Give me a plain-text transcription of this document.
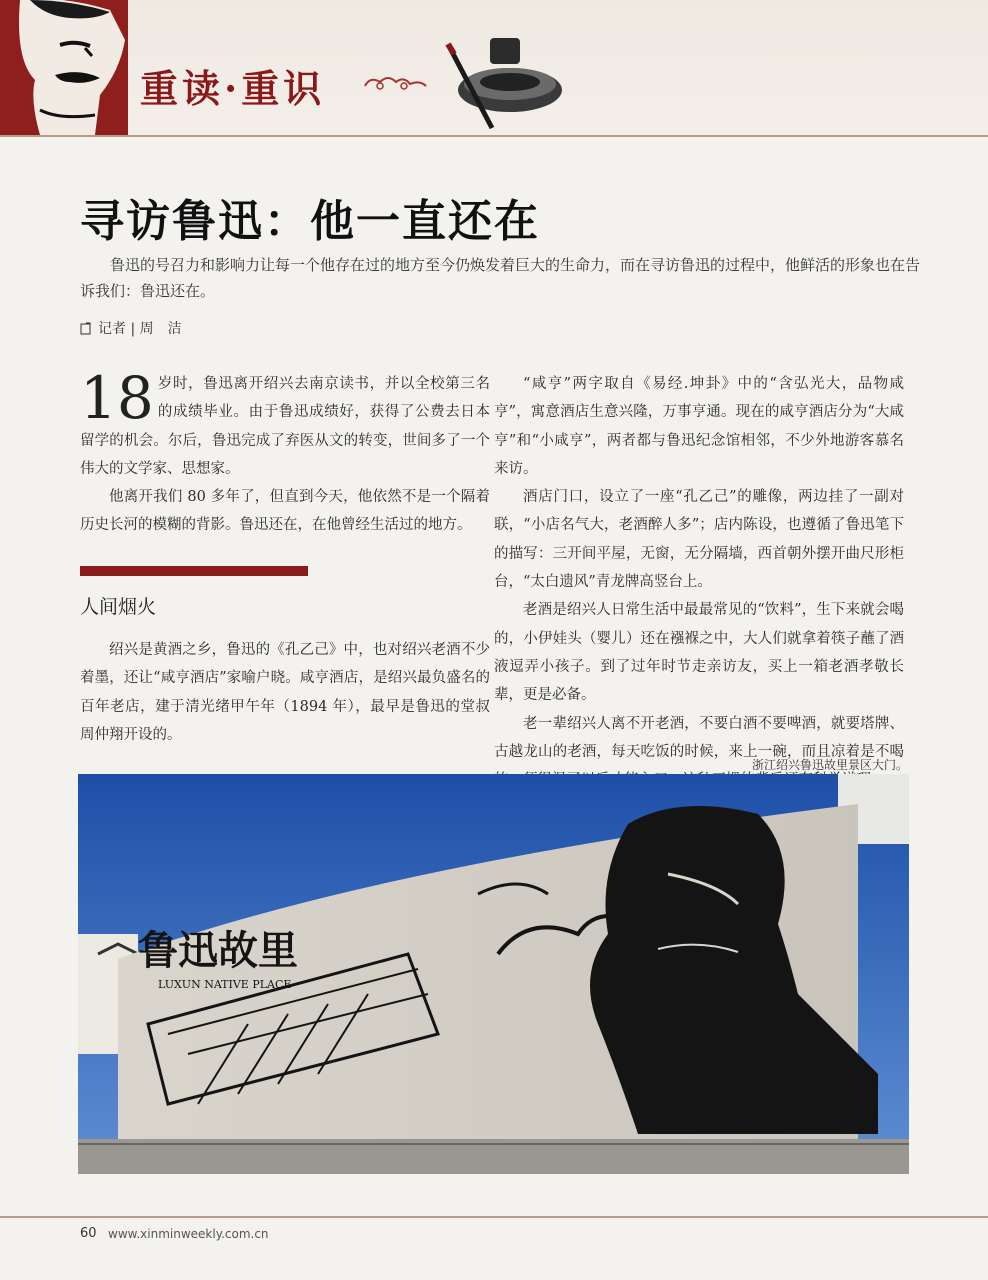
重读·重识
寻访鲁迅：他一直还在
鲁迅的号召力和影响力让每一个他存在过的地方至今仍焕发着巨大的生命力，而在寻访鲁迅的过程中，他鲜活的形象也在告诉我们：鲁迅还在。
记者 | 周　洁

18 岁时，鲁迅离开绍兴去南京读书，并以全校第三名的成绩毕业。由于鲁迅成绩好，获得了公费去日本留学的机会。尔后，鲁迅完成了弃医从文的转变，世间多了一个伟大的文学家、思想家。

他离开我们 80 多年了，但直到今天，他依然不是一个隔着历史长河的模糊的背影。鲁迅还在，在他曾经生活过的地方。

人间烟火

绍兴是黄酒之乡，鲁迅的《孔乙己》中，也对绍兴老酒不少着墨，还让“咸亨酒店”家喻户晓。咸亨酒店，是绍兴最负盛名的百年老店，建于清光绪甲午年（1894 年），最早是鲁迅的堂叔周仲翔开设的。

“咸亨”两字取自《易经.坤卦》中的“含弘光大，品物咸亨”，寓意酒店生意兴隆，万事亨通。现在的咸亨酒店分为“大咸亨”和“小咸亨”，两者都与鲁迅纪念馆相邻，不少外地游客慕名来访。

酒店门口，设立了一座“孔乙己”的雕像，两边挂了一副对联，“小店名气大，老酒醉人多”；店内陈设，也遵循了鲁迅笔下的描写：三开间平屋，无窗，无分隔墙，西首朝外摆开曲尺形柜台，“太白遗风”青龙牌高竖台上。

老酒是绍兴人日常生活中最最常见的“饮料”，生下来就会喝的，小伊娃头（婴儿）还在襁褓之中，大人们就拿着筷子蘸了酒液逗弄小孩子。到了过年时节走亲访友，买上一箱老酒孝敬长辈，更是必备。

老一辈绍兴人离不开老酒，不要白酒不要啤酒，就要塔牌、古越龙山的老酒，每天吃饭的时候，来上一碗，而且凉着是不喝

浙江绍兴鲁迅故里景区大门。
鲁迅故里
LUXUN NATIVE PLACE
60 www.xinminweekly.com.cn
